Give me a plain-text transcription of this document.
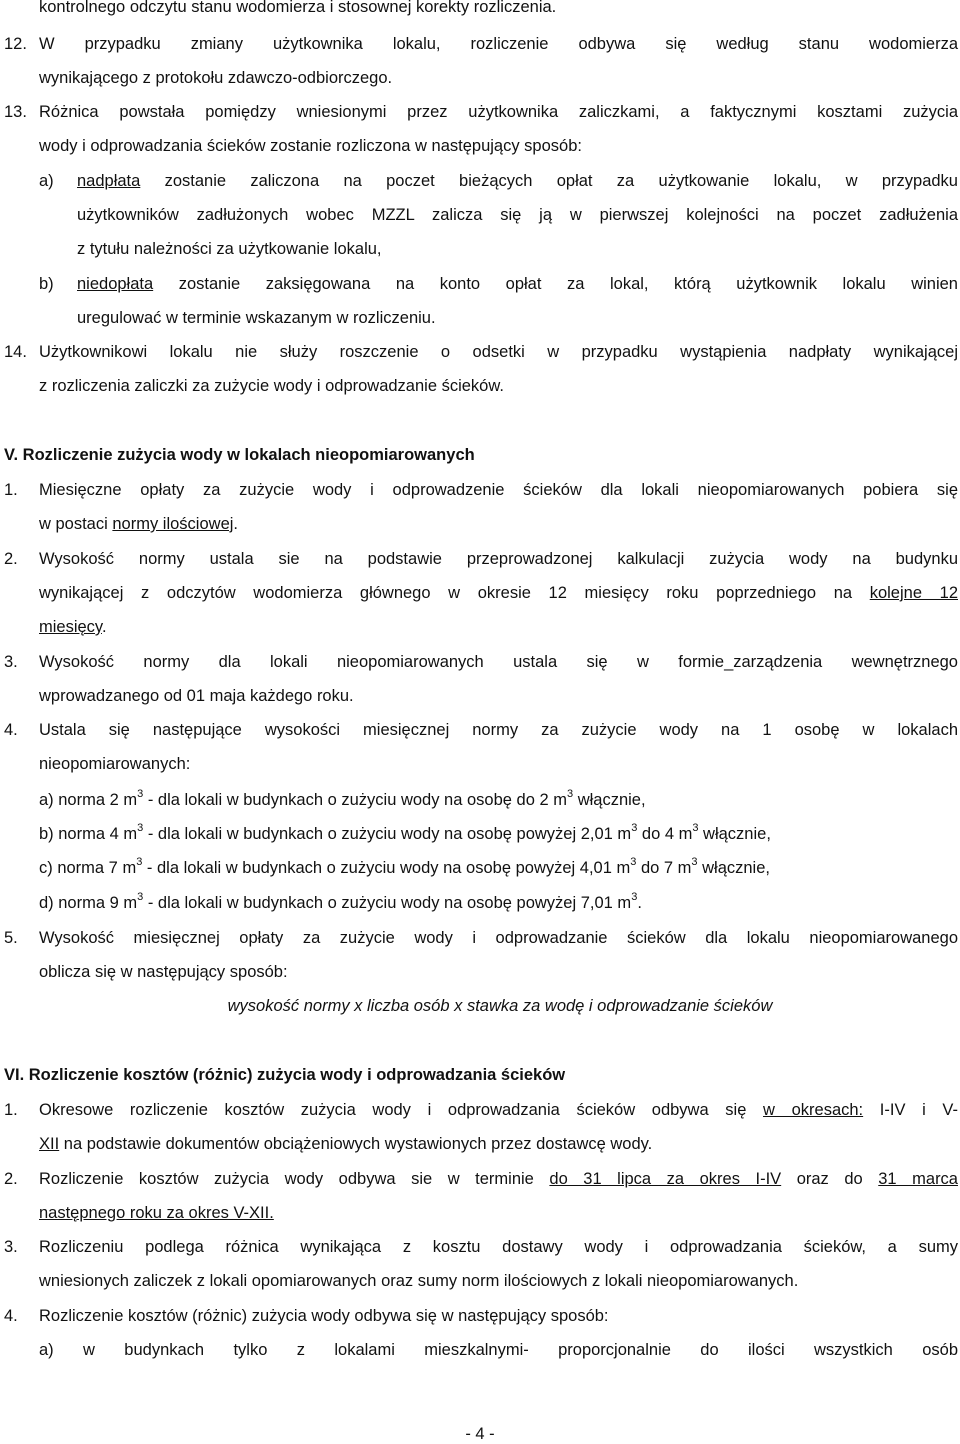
kontrolnego odczytu stanu wodomierza i stosownej korekty rozliczenia.
12. W przypadku zmiany użytkownika lokalu, rozliczenie odbywa się według stanu wodomierza
wynikającego z protokołu zdawczo-odbiorczego.
13. Różnica powstała pomiędzy wniesionymi przez użytkownika zaliczkami, a faktycznymi kosztami zużycia
wody i odprowadzania ścieków zostanie rozliczona w następujący sposób:
a) nadpłata zostanie zaliczona na poczet bieżących opłat za użytkowanie lokalu, w przypadku
użytkowników zadłużonych wobec MZZL zalicza się ją w pierwszej kolejności na poczet zadłużenia
z tytułu należności za użytkowanie lokalu,
b) niedopłata zostanie zaksięgowana na konto opłat za lokal, którą użytkownik lokalu winien
uregulować w terminie wskazanym w rozliczeniu.
14. Użytkownikowi lokalu nie służy roszczenie o odsetki w przypadku wystąpienia nadpłaty wynikającej
z rozliczenia zaliczki za zużycie wody i odprowadzanie ścieków.
V. Rozliczenie zużycia wody w lokalach nieopomiarowanych
1.	Miesięczne opłaty za zużycie wody i odprowadzenie ścieków dla lokali nieopomiarowanych pobiera się
w postaci normy ilościowej.
2.	Wysokość normy ustala sie na podstawie przeprowadzonej kalkulacji zużycia wody na budynku
wynikającej z odczytów wodomierza głównego w okresie 12 miesięcy roku poprzedniego na kolejne 12
miesięcy.
3.	Wysokość normy dla lokali nieopomiarowanych ustala się w formie_zarządzenia wewnętrznego
wprowadzanego od 01 maja każdego roku.
4.	Ustala się następujące wysokości miesięcznej normy za zużycie wody na 1 osobę w lokalach
nieopomiarowanych:
a) norma 2 $m^3$ - dla lokali w budynkach o zużyciu wody na osobę do 2 $m^3$ włącznie,
b) norma 4 $m^3$ - dla lokali w budynkach o zużyciu wody na osobę powyżej 2,01 $m^3$ do 4 $m^3$ włącznie,
c) norma 7 $m^3$ - dla lokali w budynkach o zużyciu wody na osobę powyżej 4,01 $m^3$ do 7 $m^3$ włącznie,
d) norma 9 $m^3$ - dla lokali w budynkach o zużyciu wody na osobę powyżej 7,01 $m^3$.
5.	Wysokość miesięcznej opłaty za zużycie wody i odprowadzanie ścieków dla lokalu nieopomiarowanego
oblicza się w następujący sposób:
wysokość normy x liczba osób x stawka za wodę i odprowadzanie ścieków
VI. Rozliczenie kosztów (różnic) zużycia wody i odprowadzania ścieków
1.	Okresowe rozliczenie kosztów zużycia wody i odprowadzania ścieków odbywa się w okresach: I-IV i V-
XII na podstawie dokumentów obciążeniowych wystawionych przez dostawcę wody.
2.	Rozliczenie kosztów zużycia wody odbywa sie w terminie do 31 lipca za okres I-IV oraz do 31 marca
następnego roku za okres V-XII.
3.	Rozliczeniu podlega różnica wynikająca z kosztu dostawy wody i odprowadzania ścieków, a sumy
wniesionych zaliczek z lokali opomiarowanych oraz sumy norm ilościowych z lokali nieopomiarowanych.
4.	Rozliczenie kosztów (różnic) zużycia wody odbywa się w następujący sposób:
a) w budynkach tylko z lokalami mieszkalnymi- proporcjonalnie do ilości wszystkich osób
- 4 -
